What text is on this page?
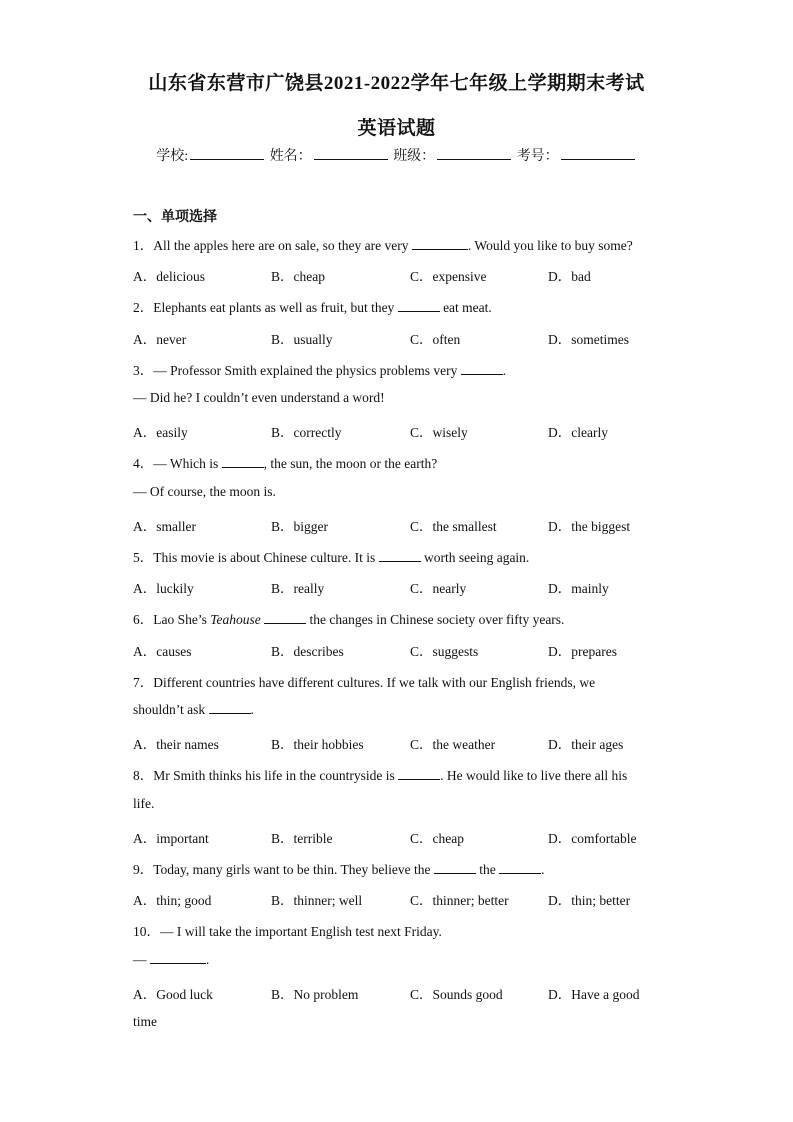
山东省东营市广饶县2021-2022学年七年级上学期期末考试
英语试题
学校:	姓名：	班级：	考号：
一、单项选择
1．All the apples here are on sale, so they are very	. Would you like to buy some?
A．delicious	B．cheap	C．expensive	D．bad
2．Elephants eat plants as well as fruit, but they	eat meat.
A．never	B．usually	C．often	D．sometimes
3．— Professor Smith explained the physics problems very	.
— Did he? I couldn’t even understand a word!
A．easily	B．correctly	C．wisely	D．clearly
4．— Which is	, the sun, the moon or the earth?
— Of course, the moon is.
A．smaller	B．bigger	C．the smallest	D．the biggest
5．This movie is about Chinese culture. It is	worth seeing again.
A．luckily	B．really	C．nearly	D．mainly
6．Lao She’s Teahouse	the changes in Chinese society over fifty years.
A．causes	B．describes	C．suggests	D．prepares
7．Different countries have different cultures. If we talk with our English friends, we
shouldn’t ask	.
A．their names	B．their hobbies	C．the weather	D．their ages
8．Mr Smith thinks his life in the countryside is	. He would like to live there all his
life.
A．important	B．terrible	C．cheap	D．comfortable
9．Today, many girls want to be thin. They believe the	the	.
A．thin; good	B．thinner; well	C．thinner; better	D．thin; better
10．— I will take the important English test next Friday.
—	.
A．Good luck	B．No problem	C．Sounds good	D．Have a good
time
